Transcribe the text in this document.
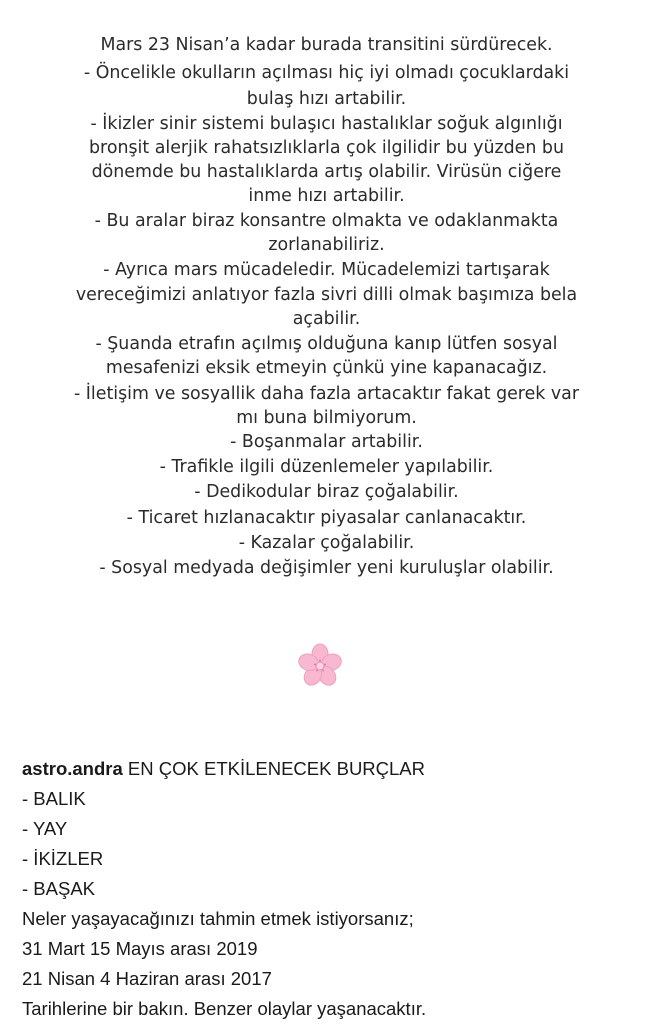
Mars 23 Nisan’a kadar burada transitini sürdürecek.
- Öncelikle okulların açılması hiç iyi olmadı çocuklardaki
bulaş hızı artabilir.
- İkizler sinir sistemi bulaşıcı hastalıklar soğuk algınlığı
bronşit alerjik rahatsızlıklarla çok ilgilidir bu yüzden bu
dönemde bu hastalıklarda artış olabilir. Virüsün ciğere
inme hızı artabilir.
- Bu aralar biraz konsantre olmakta ve odaklanmakta
zorlanabiliriz.
- Ayrıca mars mücadeledir. Mücadelemizi tartışarak
vereceğimizi anlatıyor fazla sivri dilli olmak başımıza bela
açabilir.
- Şuanda etrafın açılmış olduğuna kanıp lütfen sosyal
mesafenizi eksik etmeyin çünkü yine kapanacağız.
- İletişim ve sosyallik daha fazla artacaktır fakat gerek var
mı buna bilmiyorum.
- Boşanmalar artabilir.
- Trafikle ilgili düzenlemeler yapılabilir.
- Dedikodular biraz çoğalabilir.
- Ticaret hızlanacaktır piyasalar canlanacaktır.
- Kazalar çoğalabilir.
- Sosyal medyada değişimler yeni kuruluşlar olabilir.
astro.andra EN ÇOK ETKİLENECEK BURÇLAR
- BALIK
- YAY
- İKİZLER
- BAŞAK
Neler yaşayacağınızı tahmin etmek istiyorsanız;
31 Mart 15 Mayıs arası 2019
21 Nisan 4 Haziran arası 2017
Tarihlerine bir bakın. Benzer olaylar yaşanacaktır.
